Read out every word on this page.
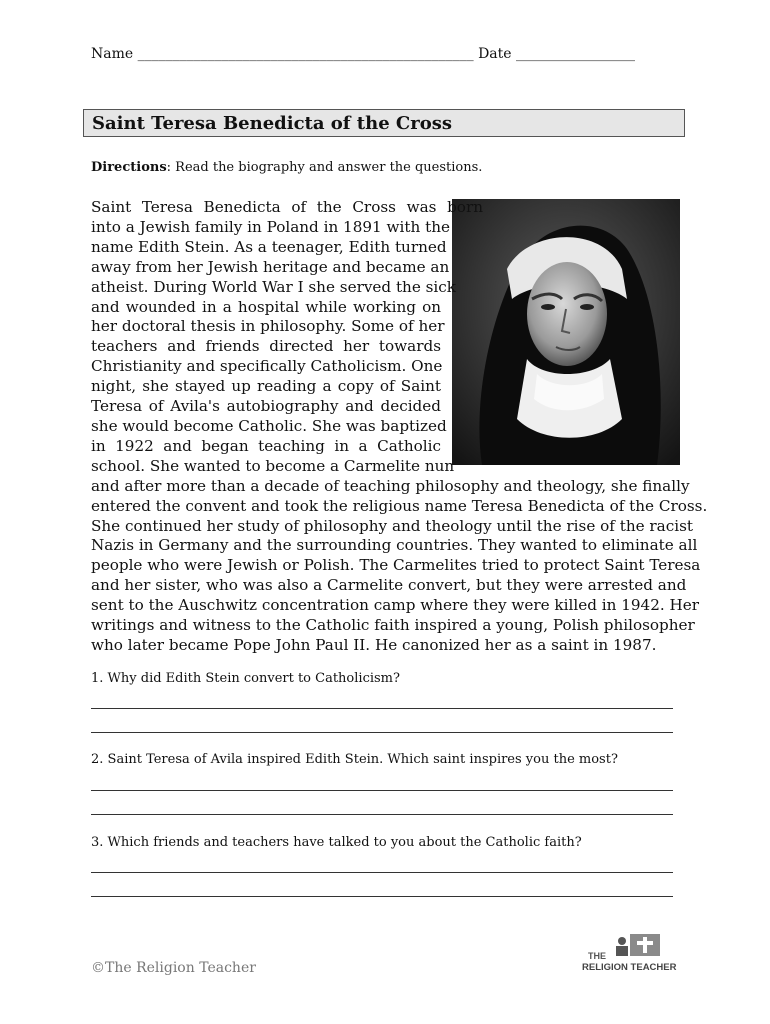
Name ________________________________________________ Date _________________
Saint Teresa Benedicta of the Cross
Directions: Read the biography and answer the questions.
Saint Teresa Benedicta of the Cross was born
into a Jewish family in Poland in 1891 with the
name Edith Stein. As a teenager, Edith turned
away from her Jewish heritage and became an
atheist. During World War I she served the sick
and wounded in a hospital while working on
her doctoral thesis in philosophy. Some of her
teachers and friends directed her towards
Christianity and specifically Catholicism. One
night, she stayed up reading a copy of Saint
Teresa of Avila's autobiography and decided
she would become Catholic. She was baptized
in 1922 and began teaching in a Catholic
school. She wanted to become a Carmelite nun
and after more than a decade of teaching philosophy and theology, she finally
entered the convent and took the religious name Teresa Benedicta of the Cross.
She continued her study of philosophy and theology until the rise of the racist
Nazis in Germany and the surrounding countries. They wanted to eliminate all
people who were Jewish or Polish. The Carmelites tried to protect Saint Teresa
and her sister, who was also a Carmelite convert, but they were arrested and
sent to the Auschwitz concentration camp where they were killed in 1942. Her
writings and witness to the Catholic faith inspired a young, Polish philosopher
who later became Pope John Paul II. He canonized her as a saint in 1987.
1. Why did Edith Stein convert to Catholicism?
2. Saint Teresa of Avila inspired Edith Stein. Which saint inspires you the most?
3. Which friends and teachers have talked to you about the Catholic faith?
©The Religion Teacher
THE
RELIGION TEACHER
